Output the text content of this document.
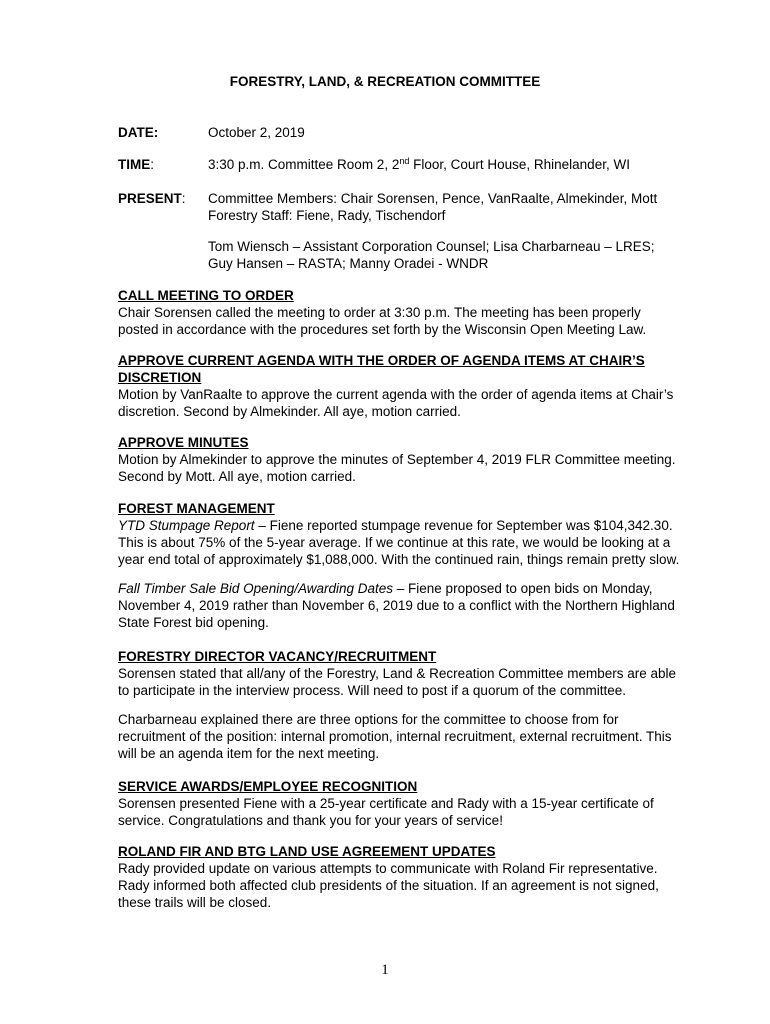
FORESTRY, LAND, & RECREATION COMMITTEE
DATE:	October 2, 2019
TIME:	3:30 p.m. Committee Room 2, 2nd Floor, Court House, Rhinelander, WI
PRESENT: Committee Members: Chair Sorensen, Pence, VanRaalte, Almekinder, Mott
Forestry Staff: Fiene, Rady, Tischendorf
Tom Wiensch – Assistant Corporation Counsel; Lisa Charbarneau – LRES;
Guy Hansen – RASTA; Manny Oradei - WNDR
CALL MEETING TO ORDER
Chair Sorensen called the meeting to order at 3:30 p.m. The meeting has been properly
posted in accordance with the procedures set forth by the Wisconsin Open Meeting Law.
APPROVE CURRENT AGENDA WITH THE ORDER OF AGENDA ITEMS AT CHAIR’S
DISCRETION
Motion by VanRaalte to approve the current agenda with the order of agenda items at Chair’s
discretion. Second by Almekinder. All aye, motion carried.
APPROVE MINUTES
Motion by Almekinder to approve the minutes of September 4, 2019 FLR Committee meeting.
Second by Mott. All aye, motion carried.
FOREST MANAGEMENT
YTD Stumpage Report – Fiene reported stumpage revenue for September was $104,342.30.
This is about 75% of the 5-year average. If we continue at this rate, we would be looking at a
year end total of approximately $1,088,000. With the continued rain, things remain pretty slow.
Fall Timber Sale Bid Opening/Awarding Dates – Fiene proposed to open bids on Monday,
November 4, 2019 rather than November 6, 2019 due to a conflict with the Northern Highland
State Forest bid opening.
FORESTRY DIRECTOR VACANCY/RECRUITMENT
Sorensen stated that all/any of the Forestry, Land & Recreation Committee members are able
to participate in the interview process. Will need to post if a quorum of the committee.
Charbarneau explained there are three options for the committee to choose from for
recruitment of the position: internal promotion, internal recruitment, external recruitment. This
will be an agenda item for the next meeting.
SERVICE AWARDS/EMPLOYEE RECOGNITION
Sorensen presented Fiene with a 25-year certificate and Rady with a 15-year certificate of
service. Congratulations and thank you for your years of service!
ROLAND FIR AND BTG LAND USE AGREEMENT UPDATES
Rady provided update on various attempts to communicate with Roland Fir representative.
Rady informed both affected club presidents of the situation. If an agreement is not signed,
these trails will be closed.
1
